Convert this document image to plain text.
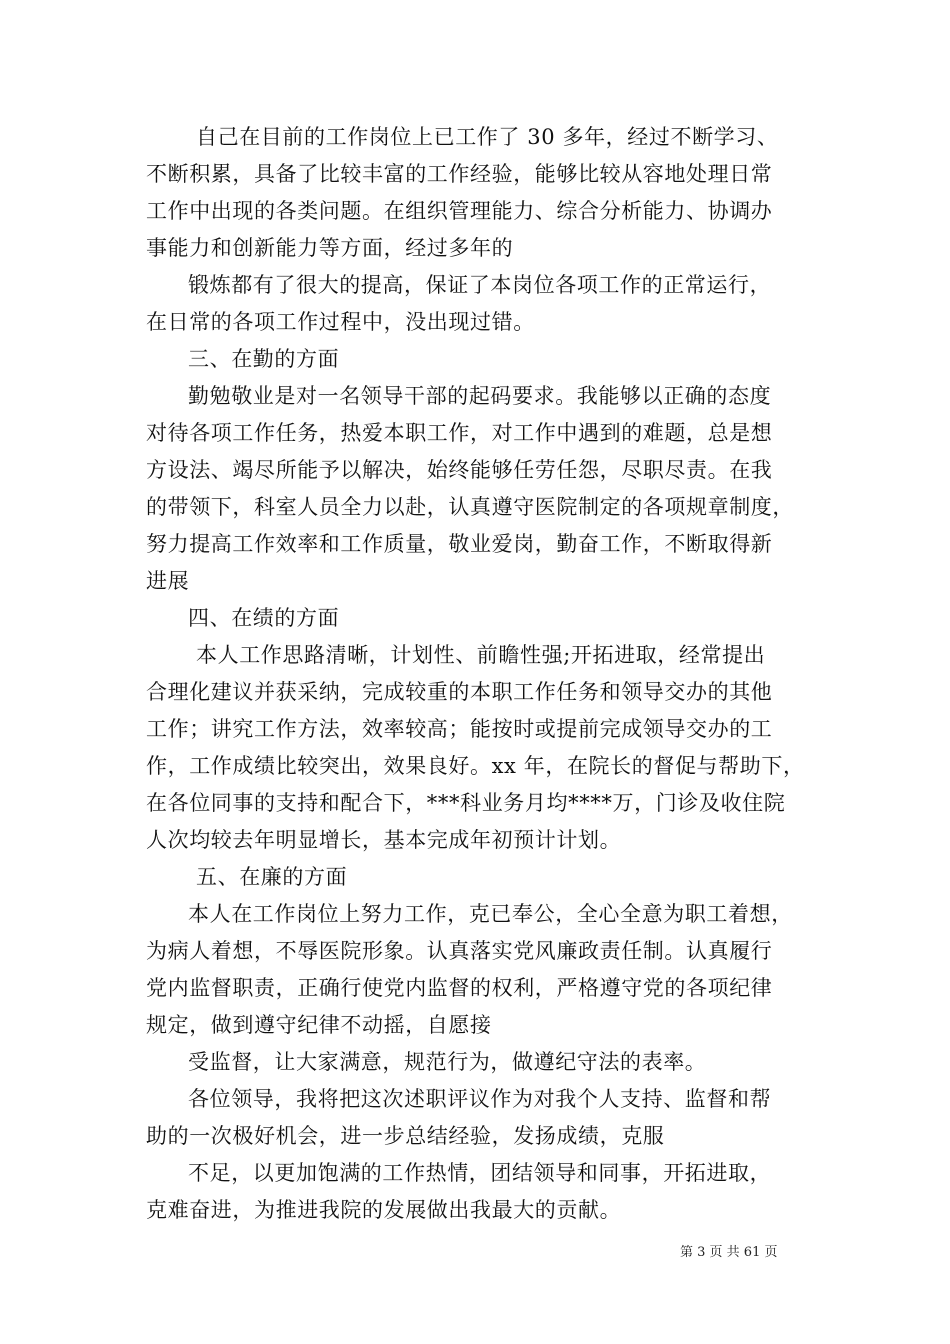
自己在目前的工作岗位上已工作了 30 多年，经过不断学习、
不断积累，具备了比较丰富的工作经验，能够比较从容地处理日常
工作中出现的各类问题。在组织管理能力、综合分析能力、协调办
事能力和创新能力等方面，经过多年的
锻炼都有了很大的提高，保证了本岗位各项工作的正常运行，
在日常的各项工作过程中，没出现过错。
三、在勤的方面
勤勉敬业是对一名领导干部的起码要求。我能够以正确的态度
对待各项工作任务，热爱本职工作，对工作中遇到的难题，总是想
方设法、竭尽所能予以解决，始终能够任劳任怨，尽职尽责。在我
的带领下，科室人员全力以赴，认真遵守医院制定的各项规章制度，
努力提高工作效率和工作质量，敬业爱岗，勤奋工作，不断取得新
进展
四、在绩的方面
本人工作思路清晰，计划性、前瞻性强;开拓进取，经常提出
合理化建议并获采纳，完成较重的本职工作任务和领导交办的其他
工作；讲究工作方法，效率较高；能按时或提前完成领导交办的工
作，工作成绩比较突出，效果良好。xx 年，在院长的督促与帮助下，
在各位同事的支持和配合下，***科业务月均****万，门诊及收住院
人次均较去年明显增长，基本完成年初预计计划。
五、在廉的方面
本人在工作岗位上努力工作，克已奉公，全心全意为职工着想，
为病人着想，不辱医院形象。认真落实党风廉政责任制。认真履行
党内监督职责，正确行使党内监督的权利，严格遵守党的各项纪律
规定，做到遵守纪律不动摇，自愿接
受监督，让大家满意，规范行为，做遵纪守法的表率。
各位领导，我将把这次述职评议作为对我个人支持、监督和帮
助的一次极好机会，进一步总结经验，发扬成绩，克服
不足，以更加饱满的工作热情，团结领导和同事，开拓进取，
克难奋进，为推进我院的发展做出我最大的贡献。
第 3 页 共 61 页
